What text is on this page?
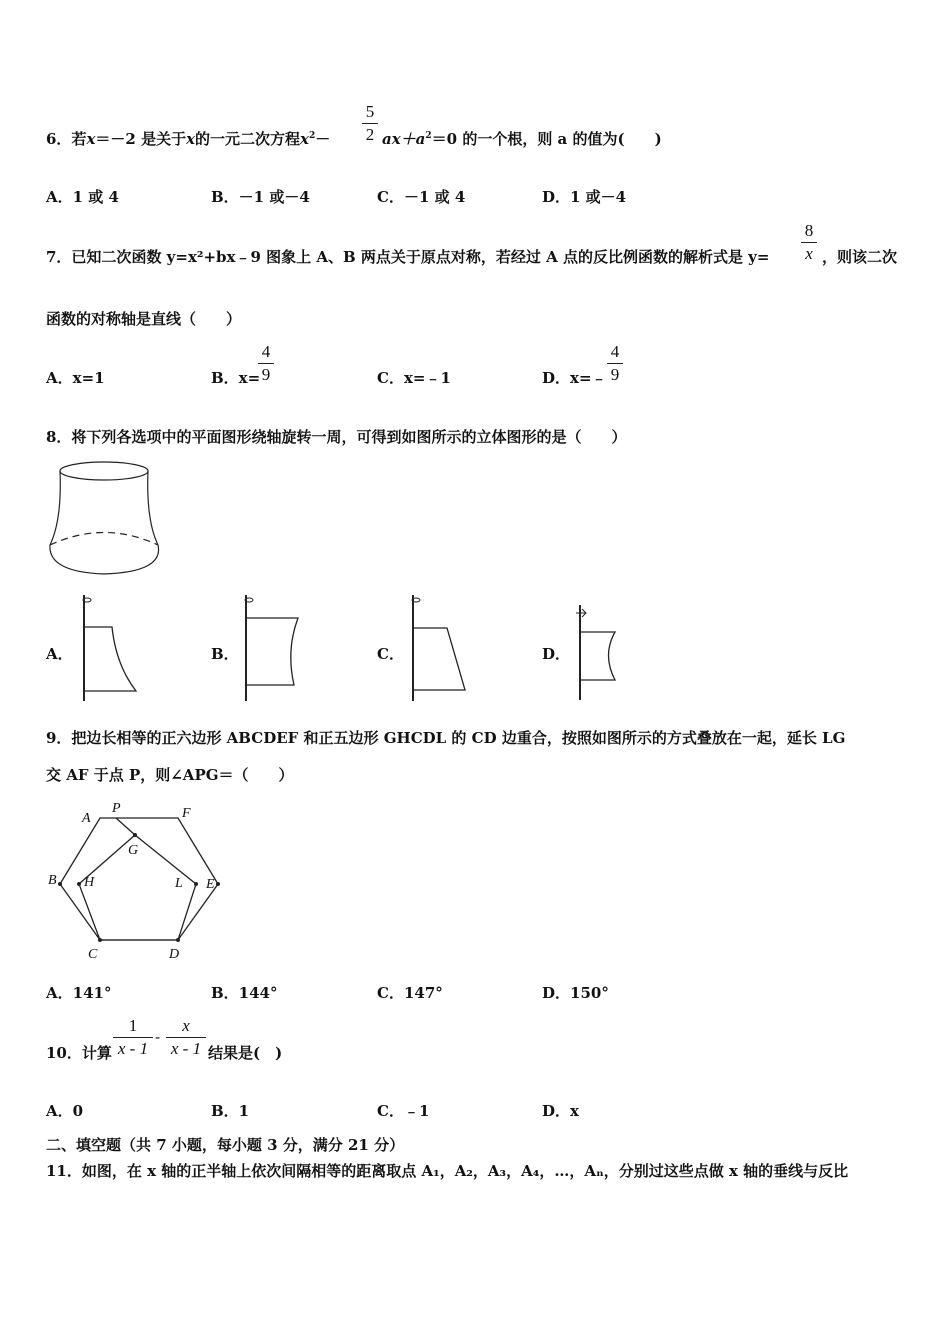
6．若x＝－2 是关于x的一元二次方程$x^2-$
5
2 $ax+a^2=0$ 的一个根，则 a 的值为(　　)
A．1 或 4	B．－1 或－4	C．－1 或 4	D．1 或－4
7．已知二次函数 y=x²+bx﹣9 图象上 A、B 两点关于原点对称，若经过 A 点的反比例函数的解析式是 y=
8
x ，则该二次
函数的对称轴是直线（　　）
A．x=1	B．x=
4
9	C．x=﹣1	D．x=﹣
4
9
8．将下列各选项中的平面图形绕轴旋转一周，可得到如图所示的立体图形的是（　　）
A．	B．	C．	D．
9．把边长相等的正六边形 ABCDEF 和正五边形 GHCDL 的 CD 边重合，按照如图所示的方式叠放在一起，延长 LG
交 AF 于点 P，则∠APG＝（　　）
A
P	F
G
B H	L E
C	D
A．141°	B．144°	C．147°	D．150°
10．计算
1
x - 1
-
x
x - 1 结果是(　)
A．0	B．1	C．﹣1	D．x
二、填空题（共 7 小题，每小题 3 分，满分 21 分）
11．如图，在 x 轴的正半轴上依次间隔相等的距离取点 A₁，A₂，A₃，A₄，…，Aₙ，分别过这些点做 x 轴的垂线与反比
